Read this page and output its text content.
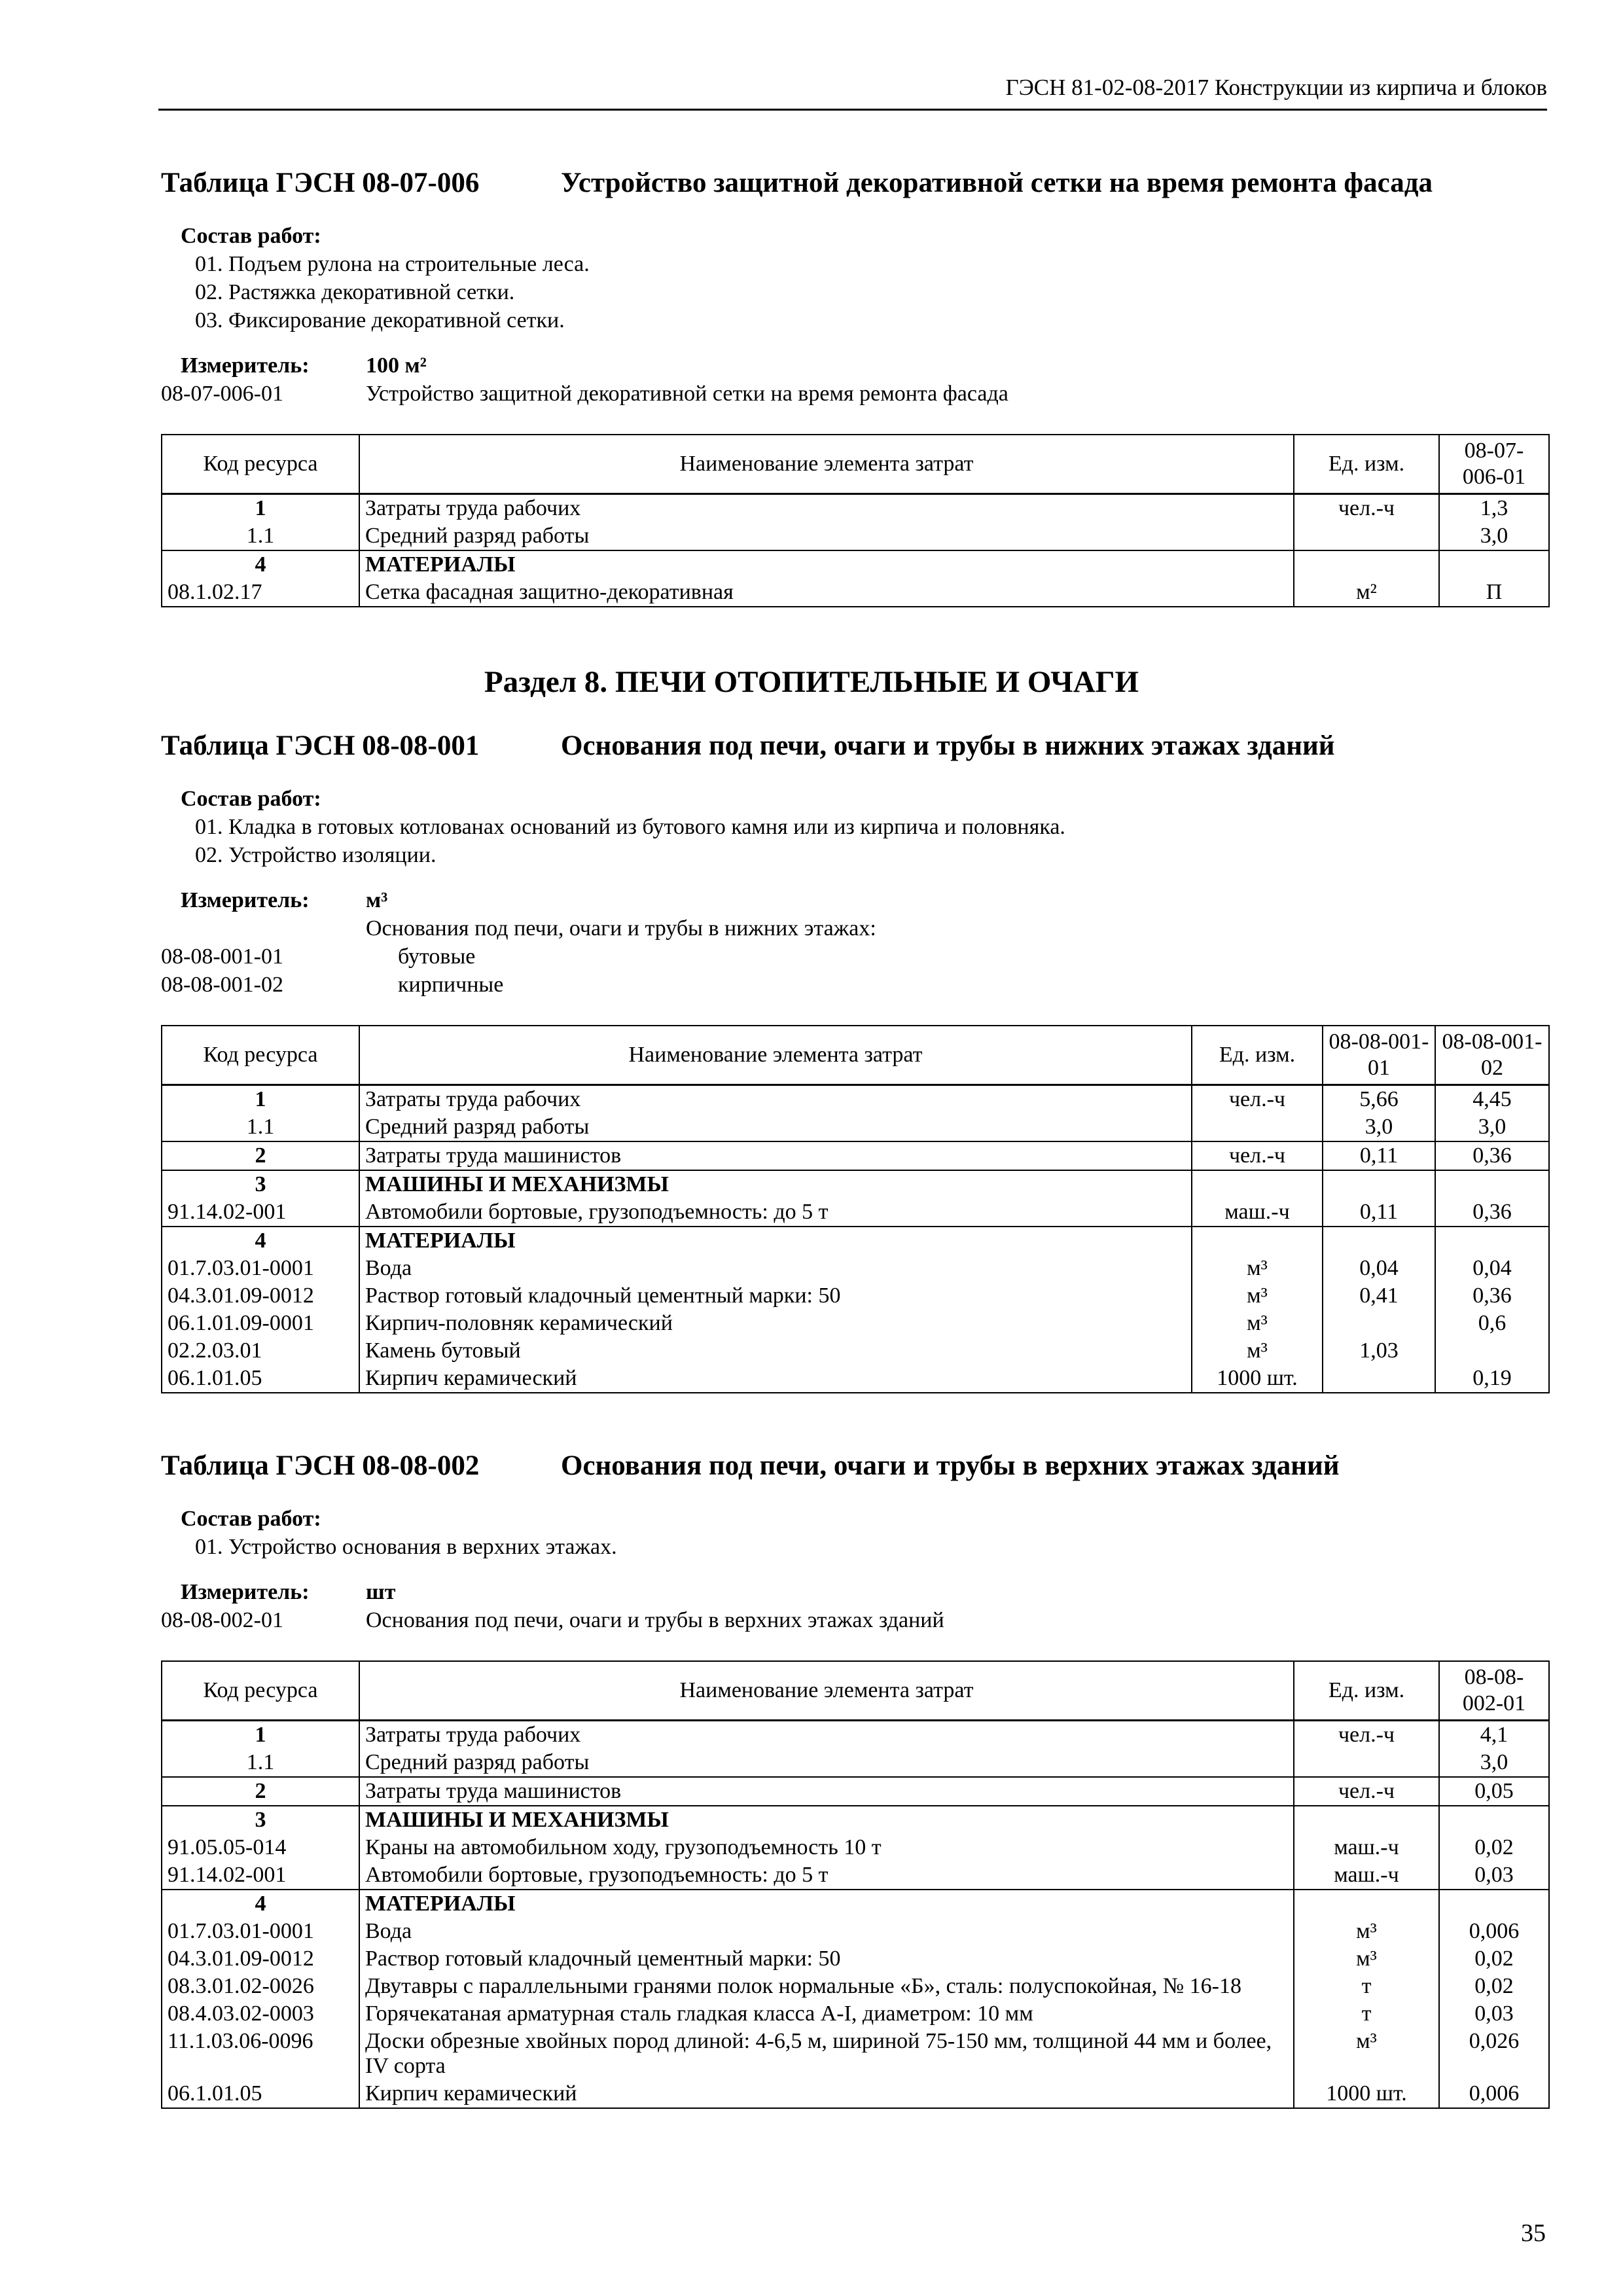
ГЭСН 81-02-08-2017 Конструкции из кирпича и блоков
Таблица ГЭСН 08-07-006	Устройство защитной декоративной сетки на время ремонта фасада
Состав работ:
01. Подъем рулона на строительные леса.
02. Растяжка декоративной сетки.
03. Фиксирование декоративной сетки.
Измеритель:	100 м²
08-07-006-01	Устройство защитной декоративной сетки на время ремонта фасада
Код ресурса	Наименование элемента затрат	Ед. изм.	08-07-006-01
1	Затраты труда рабочих	чел.-ч	1,3
1.1	Средний разряд работы		3,0
4	МАТЕРИАЛЫ		
08.1.02.17	Сетка фасадная защитно-декоративная	м²	П
Раздел 8. ПЕЧИ ОТОПИТЕЛЬНЫЕ И ОЧАГИ
Таблица ГЭСН 08-08-001	Основания под печи, очаги и трубы в нижних этажах зданий
Состав работ:
01. Кладка в готовых котлованах оснований из бутового камня или из кирпича и половняка.
02. Устройство изоляции.
Измеритель:	м³
Основания под печи, очаги и трубы в нижних этажах:
08-08-001-01	бутовые
08-08-001-02	кирпичные
Код ресурса	Наименование элемента затрат	Ед. изм.	08-08-001-01	08-08-001-02
1	Затраты труда рабочих	чел.-ч	5,66	4,45
1.1	Средний разряд работы		3,0	3,0
2	Затраты труда машинистов	чел.-ч	0,11	0,36
3	МАШИНЫ И МЕХАНИЗМЫ			
91.14.02-001	Автомобили бортовые, грузоподъемность: до 5 т	маш.-ч	0,11	0,36
4	МАТЕРИАЛЫ			
01.7.03.01-0001	Вода	м³	0,04	0,04
04.3.01.09-0012	Раствор готовый кладочный цементный марки: 50	м³	0,41	0,36
06.1.01.09-0001	Кирпич-половняк керамический	м³		0,6
02.2.03.01	Камень бутовый	м³	1,03	
06.1.01.05	Кирпич керамический	1000 шт.		0,19
Таблица ГЭСН 08-08-002	Основания под печи, очаги и трубы в верхних этажах зданий
Состав работ:
01. Устройство основания в верхних этажах.
Измеритель:	шт
08-08-002-01	Основания под печи, очаги и трубы в верхних этажах зданий
Код ресурса	Наименование элемента затрат	Ед. изм.	08-08-002-01
1	Затраты труда рабочих	чел.-ч	4,1
1.1	Средний разряд работы		3,0
2	Затраты труда машинистов	чел.-ч	0,05
3	МАШИНЫ И МЕХАНИЗМЫ		
91.05.05-014	Краны на автомобильном ходу, грузоподъемность 10 т	маш.-ч	0,02
91.14.02-001	Автомобили бортовые, грузоподъемность: до 5 т	маш.-ч	0,03
4	МАТЕРИАЛЫ		
01.7.03.01-0001	Вода	м³	0,006
04.3.01.09-0012	Раствор готовый кладочный цементный марки: 50	м³	0,02
08.3.01.02-0026	Двутавры с параллельными гранями полок нормальные «Б», сталь: полуспокойная, № 16-18	т	0,02
08.4.03.02-0003	Горячекатаная арматурная сталь гладкая класса А-I, диаметром: 10 мм	т	0,03
11.1.03.06-0096	Доски обрезные хвойных пород длиной: 4-6,5 м, шириной 75-150 мм, толщиной 44 мм и более, IV сорта	м³	0,026
06.1.01.05	Кирпич керамический	1000 шт.	0,006
35
